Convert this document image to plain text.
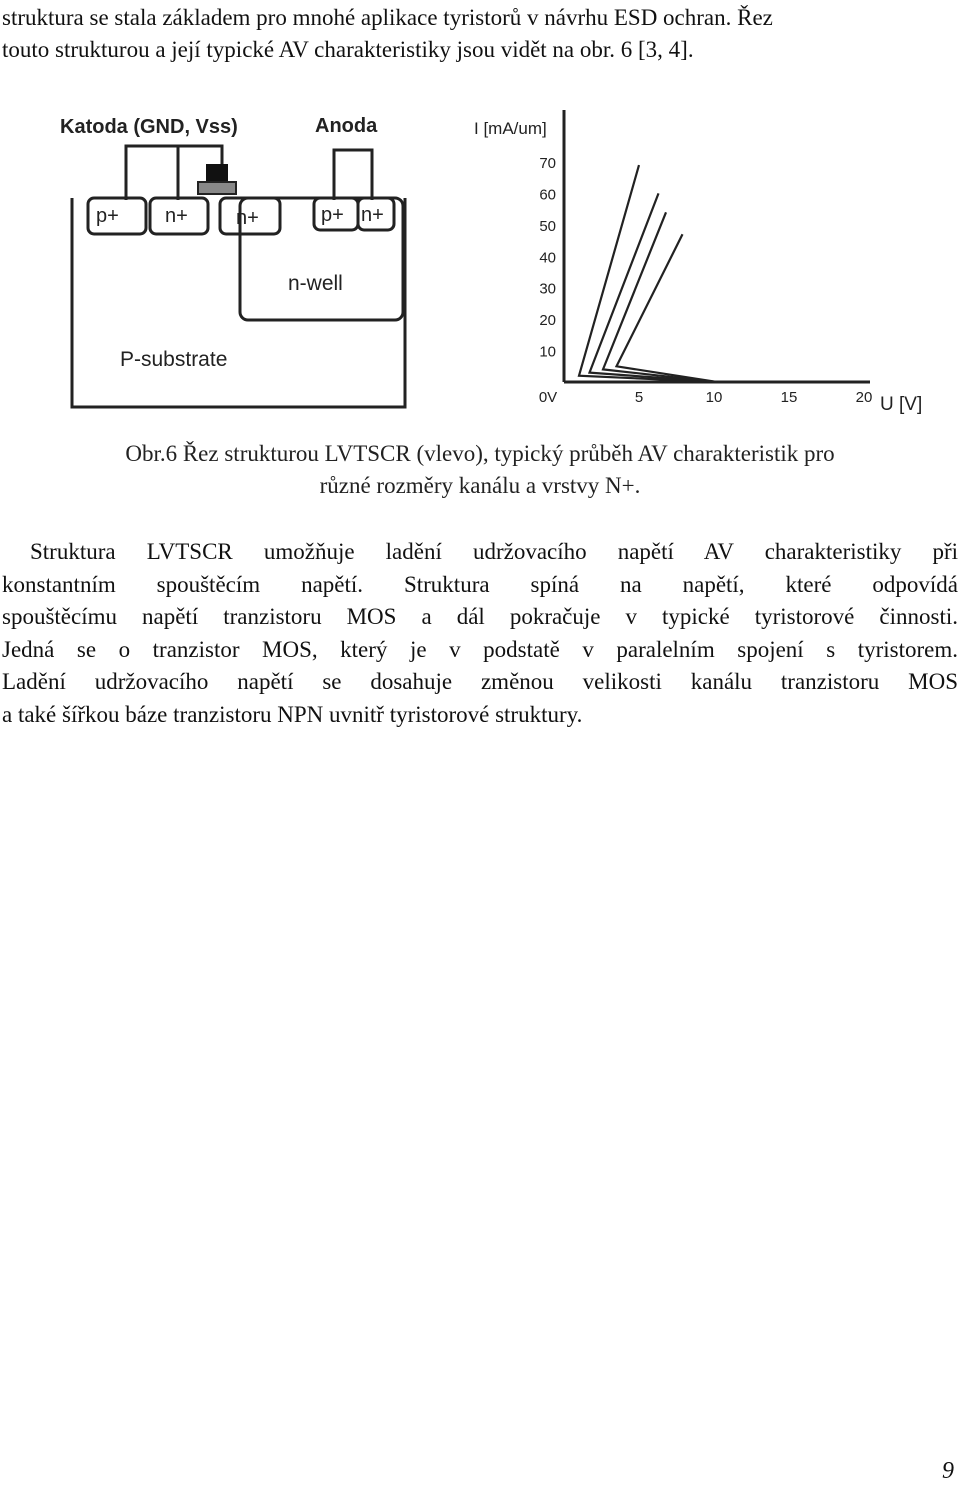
struktura se stala základem pro mnohé aplikace tyristorů v návrhu ESD ochran. Řez
touto strukturou a její typické AV charakteristiky jsou vidět na obr. 6 [3, 4].
Katoda (GND, Vss)	Anoda
p+ n+ n+	p+ n+
n-well
P-substrate
I [mA/um]
U [V]
10
20
30
40
50
60
70
0V	5	10	15	20
Obr.6 Řez strukturou LVTSCR (vlevo), typický průběh AV charakteristik pro
různé rozměry kanálu a vrstvy N+.
Struktura LVTSCR umožňuje ladění udržovacího napětí AV charakteristiky při
konstantním spouštěcím napětí. Struktura spíná na napětí, které odpovídá
spouštěcímu napětí tranzistoru MOS a dál pokračuje v typické tyristorové činnosti.
Jedná se o tranzistor MOS, který je v podstatě v paralelním spojení s tyristorem.
Ladění udržovacího napětí se dosahuje změnou velikosti kanálu tranzistoru MOS
a také šířkou báze tranzistoru NPN uvnitř tyristorové struktury.
9
